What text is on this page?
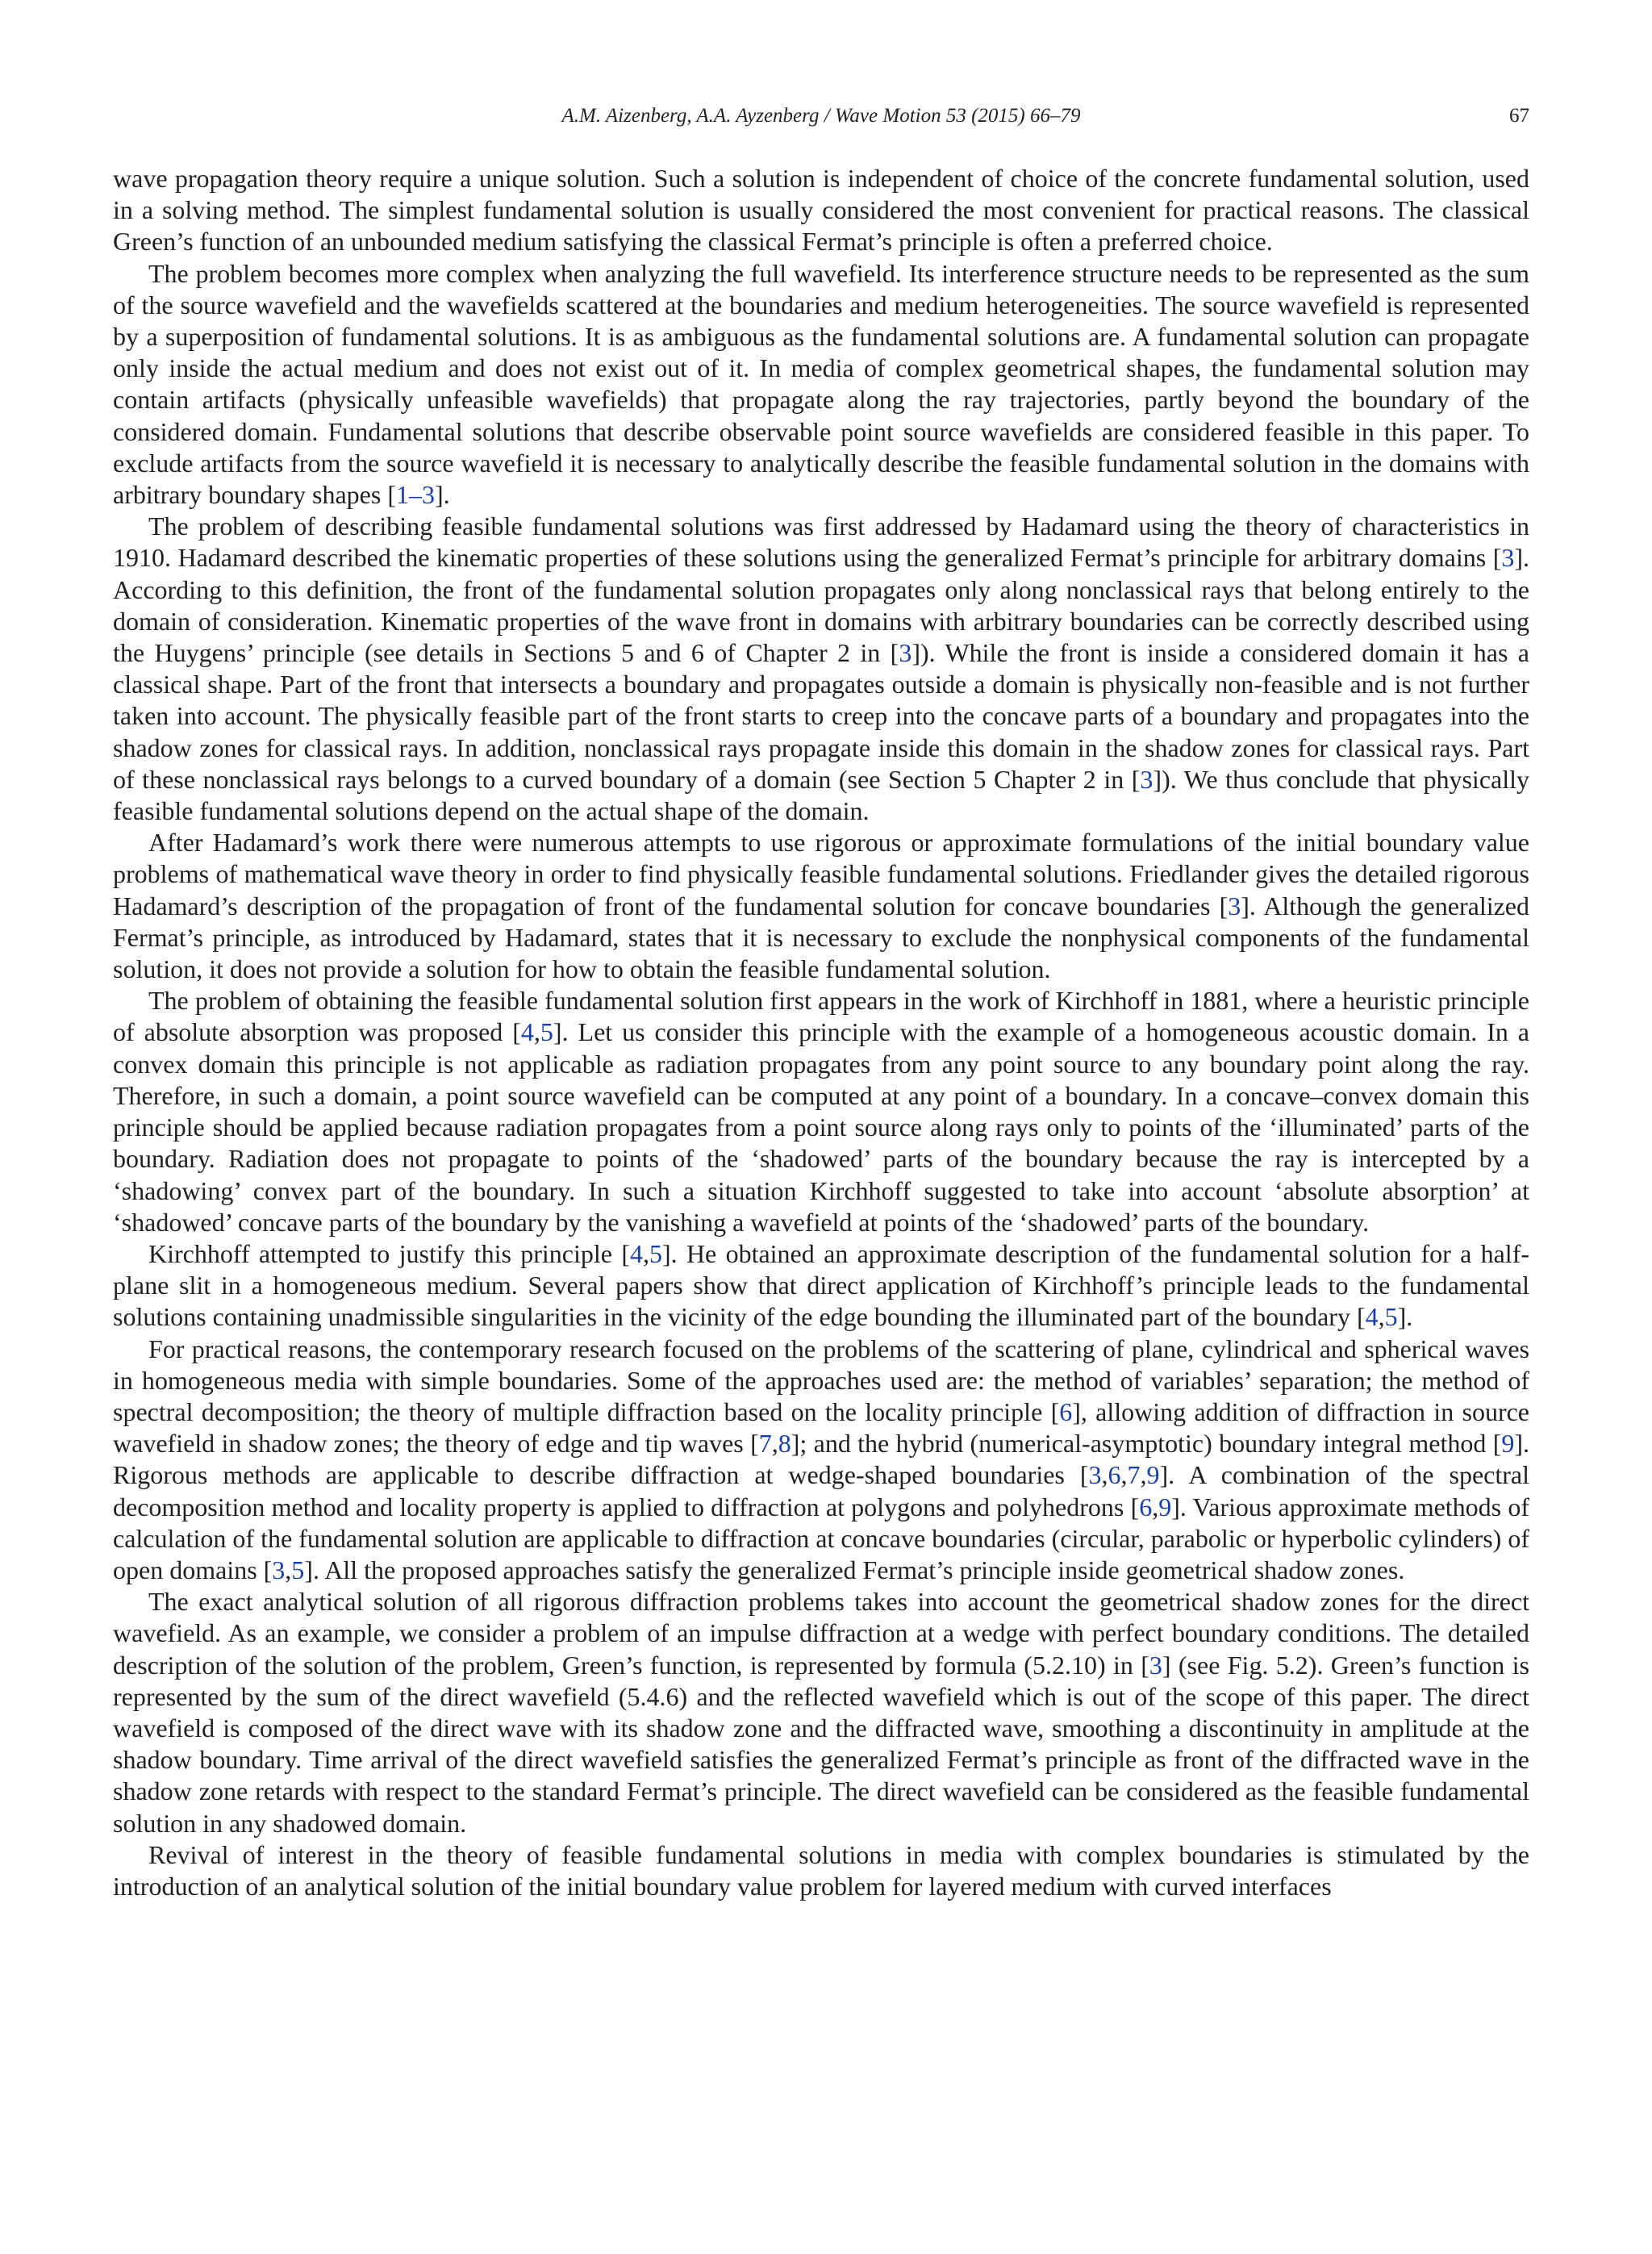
A.M. Aizenberg, A.A. Ayzenberg / Wave Motion 53 (2015) 66–79	67

wave propagation theory require a unique solution. Such a solution is independent of choice of the concrete fundamental solution, used in a solving method. The simplest fundamental solution is usually considered the most convenient for practical reasons. The classical Green’s function of an unbounded medium satisfying the classical Fermat’s principle is often a preferred choice.

The problem becomes more complex when analyzing the full wavefield. Its interference structure needs to be represented as the sum of the source wavefield and the wavefields scattered at the boundaries and medium heterogeneities. The source wavefield is represented by a superposition of fundamental solutions. It is as ambiguous as the fundamental solutions are. A fundamental solution can propagate only inside the actual medium and does not exist out of it. In media of complex geometrical shapes, the fundamental solution may contain artifacts (physically unfeasible wavefields) that propagate along the ray trajectories, partly beyond the boundary of the considered domain. Fundamental solutions that describe observable point source wavefields are considered feasible in this paper. To exclude artifacts from the source wavefield it is necessary to analytically describe the feasible fundamental solution in the domains with arbitrary boundary shapes [1–3].

The problem of describing feasible fundamental solutions was first addressed by Hadamard using the theory of characteristics in 1910. Hadamard described the kinematic properties of these solutions using the generalized Fermat’s principle for arbitrary domains [3]. According to this definition, the front of the fundamental solution propagates only along nonclassical rays that belong entirely to the domain of consideration. Kinematic properties of the wave front in domains with arbitrary boundaries can be correctly described using the Huygens’ principle (see details in Sections 5 and 6 of Chapter 2 in [3]). While the front is inside a considered domain it has a classical shape. Part of the front that intersects a boundary and propagates outside a domain is physically non-feasible and is not further taken into account. The physically feasible part of the front starts to creep into the concave parts of a boundary and propagates into the shadow zones for classical rays. In addition, nonclassical rays propagate inside this domain in the shadow zones for classical rays. Part of these nonclassical rays belongs to a curved boundary of a domain (see Section 5 Chapter 2 in [3]). We thus conclude that physically feasible fundamental solutions depend on the actual shape of the domain.

After Hadamard’s work there were numerous attempts to use rigorous or approximate formulations of the initial boundary value problems of mathematical wave theory in order to find physically feasible fundamental solutions. Friedlander gives the detailed rigorous Hadamard’s description of the propagation of front of the fundamental solution for concave boundaries [3]. Although the generalized Fermat’s principle, as introduced by Hadamard, states that it is necessary to exclude the nonphysical components of the fundamental solution, it does not provide a solution for how to obtain the feasible fundamental solution.

The problem of obtaining the feasible fundamental solution first appears in the work of Kirchhoff in 1881, where a heuristic principle of absolute absorption was proposed [4,5]. Let us consider this principle with the example of a homogeneous acoustic domain. In a convex domain this principle is not applicable as radiation propagates from any point source to any boundary point along the ray. Therefore, in such a domain, a point source wavefield can be computed at any point of a boundary. In a concave–convex domain this principle should be applied because radiation propagates from a point source along rays only to points of the ‘illuminated’ parts of the boundary. Radiation does not propagate to points of the ‘shadowed’ parts of the boundary because the ray is intercepted by a ‘shadowing’ convex part of the boundary. In such a situation Kirchhoff suggested to take into account ‘absolute absorption’ at ‘shadowed’ concave parts of the boundary by the vanishing a wavefield at points of the ‘shadowed’ parts of the boundary.

Kirchhoff attempted to justify this principle [4,5]. He obtained an approximate description of the fundamental solution for a half-plane slit in a homogeneous medium. Several papers show that direct application of Kirchhoff’s principle leads to the fundamental solutions containing unadmissible singularities in the vicinity of the edge bounding the illuminated part of the boundary [4,5].

For practical reasons, the contemporary research focused on the problems of the scattering of plane, cylindrical and spherical waves in homogeneous media with simple boundaries. Some of the approaches used are: the method of variables’ separation; the method of spectral decomposition; the theory of multiple diffraction based on the locality principle [6], allowing addition of diffraction in source wavefield in shadow zones; the theory of edge and tip waves [7,8]; and the hybrid (numerical-asymptotic) boundary integral method [9]. Rigorous methods are applicable to describe diffraction at wedge-shaped boundaries [3,6,7,9]. A combination of the spectral decomposition method and locality property is applied to diffraction at polygons and polyhedrons [6,9]. Various approximate methods of calculation of the fundamental solution are applicable to diffraction at concave boundaries (circular, parabolic or hyperbolic cylinders) of open domains [3,5]. All the proposed approaches satisfy the generalized Fermat’s principle inside geometrical shadow zones.

The exact analytical solution of all rigorous diffraction problems takes into account the geometrical shadow zones for the direct wavefield. As an example, we consider a problem of an impulse diffraction at a wedge with perfect boundary conditions. The detailed description of the solution of the problem, Green’s function, is represented by formula (5.2.10) in [3] (see Fig. 5.2). Green’s function is represented by the sum of the direct wavefield (5.4.6) and the reflected wavefield which is out of the scope of this paper. The direct wavefield is composed of the direct wave with its shadow zone and the diffracted wave, smoothing a discontinuity in amplitude at the shadow boundary. Time arrival of the direct wavefield satisfies the generalized Fermat’s principle as front of the diffracted wave in the shadow zone retards with respect to the standard Fermat’s principle. The direct wavefield can be considered as the feasible fundamental solution in any shadowed domain.

Revival of interest in the theory of feasible fundamental solutions in media with complex boundaries is stimulated by the introduction of an analytical solution of the initial boundary value problem for layered medium with curved interfaces
